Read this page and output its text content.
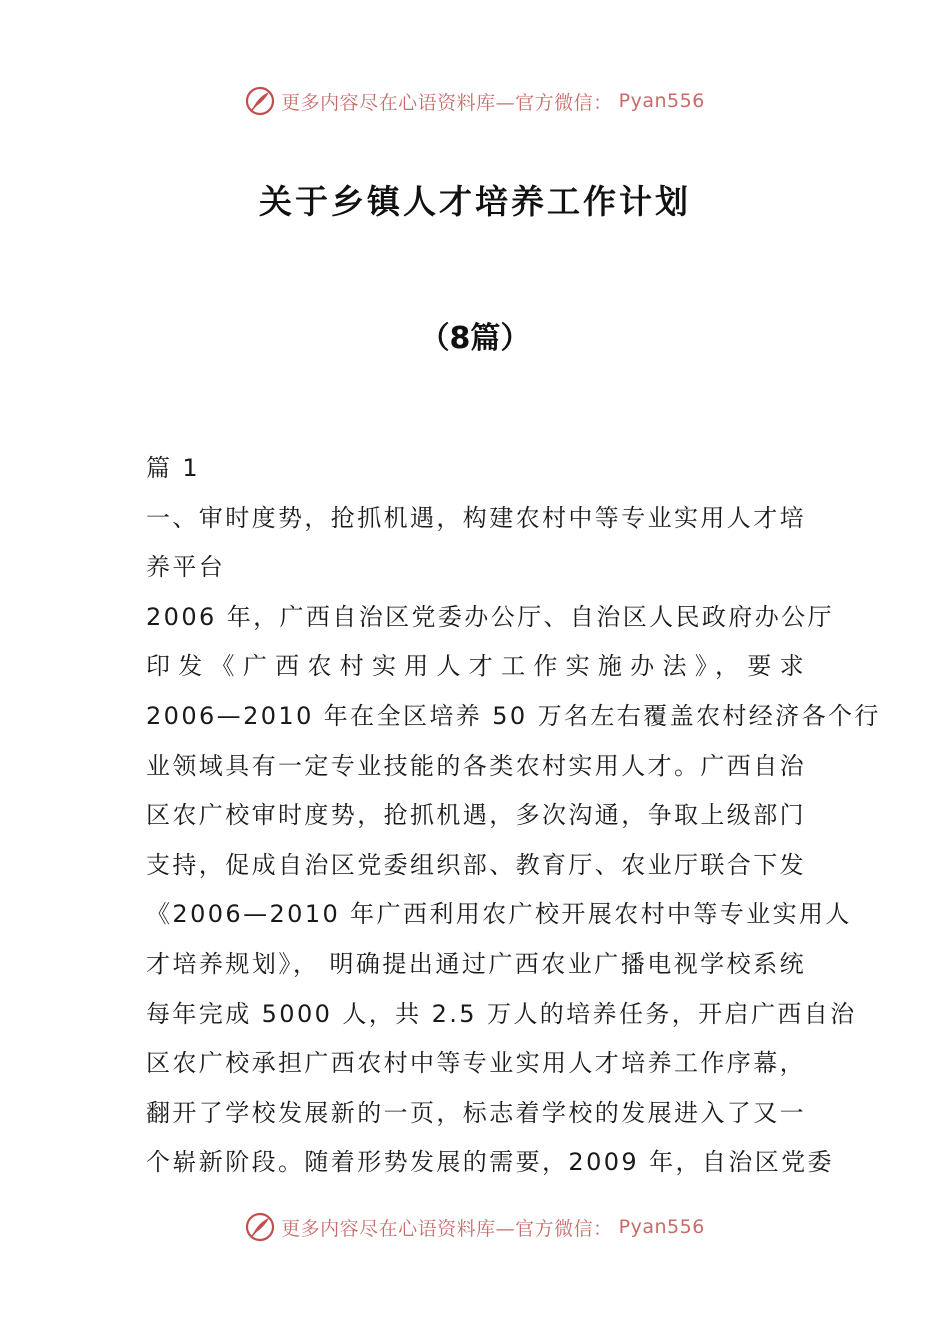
更多内容尽在心语资料库—官方微信： Pyan556
关于乡镇人才培养工作计划
（8篇）
篇 1
一、审时度势，抢抓机遇，构建农村中等专业实用人才培
养平台
2006 年，广西自治区党委办公厅、自治区人民政府办公厅
印发《广西农村实用人才工作实施办法》，要求
2006—2010 年在全区培养 50 万名左右覆盖农村经济各个行
业领域具有一定专业技能的各类农村实用人才。广西自治
区农广校审时度势，抢抓机遇，多次沟通，争取上级部门
支持，促成自治区党委组织部、教育厅、农业厅联合下发
《2006—2010 年广西利用农广校开展农村中等专业实用人
才培养规划》， 明确提出通过广西农业广播电视学校系统
每年完成 5000 人，共 2.5 万人的培养任务，开启广西自治
区农广校承担广西农村中等专业实用人才培养工作序幕，
翻开了学校发展新的一页，标志着学校的发展进入了又一
个崭新阶段。随着形势发展的需要，2009 年，自治区党委
更多内容尽在心语资料库—官方微信： Pyan556
